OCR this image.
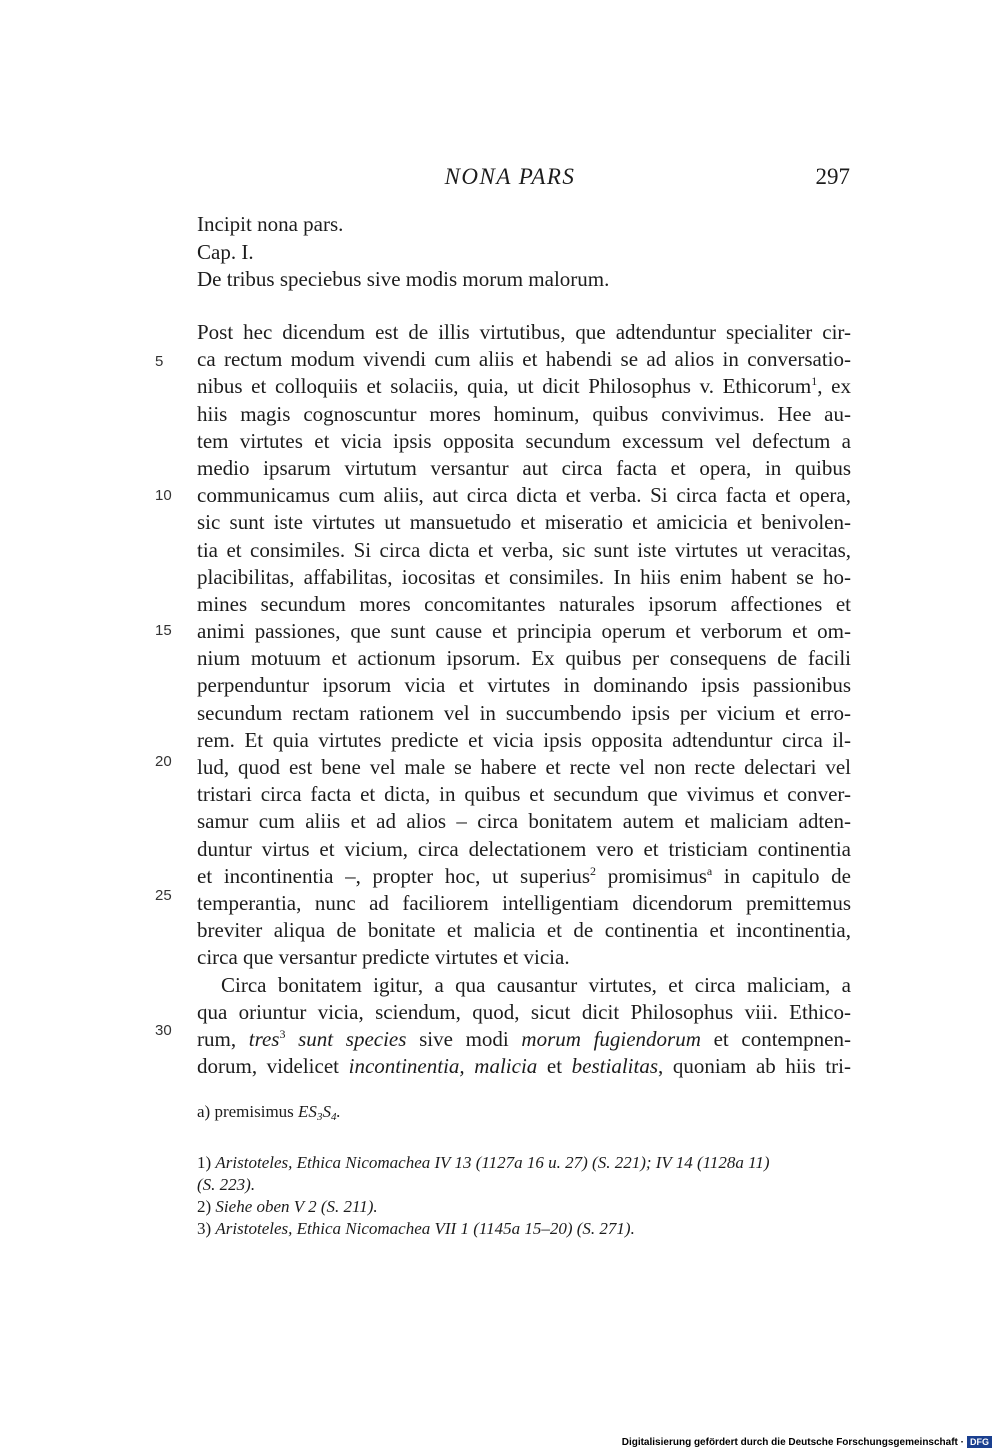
NONA PARS	297
Incipit nona pars.
Cap. I.
De tribus speciebus sive modis morum malorum.
5
10
15
20
25
30
Post hec dicendum est de illis virtutibus, que adtenduntur specialiter cir-
ca rectum modum vivendi cum aliis et habendi se ad alios in conversatio-
nibus et colloquiis et solaciis, quia, ut dicit Philosophus v. Ethicorum$^1$, ex
hiis magis cognoscuntur mores hominum, quibus convivimus. Hee au-
tem virtutes et vicia ipsis opposita secundum excessum vel defectum a
medio ipsarum virtutum versantur aut circa facta et opera, in quibus
communicamus cum aliis, aut circa dicta et verba. Si circa facta et opera,
sic sunt iste virtutes ut mansuetudo et miseratio et amicicia et benivolen-
tia et consimiles. Si circa dicta et verba, sic sunt iste virtutes ut veracitas,
placibilitas, affabilitas, iocositas et consimiles. In hiis enim habent se ho-
mines secundum mores concomitantes naturales ipsorum affectiones et
animi passiones, que sunt cause et principia operum et verborum et om-
nium motuum et actionum ipsorum. Ex quibus per consequens de facili
perpenduntur ipsorum vicia et virtutes in dominando ipsis passionibus
secundum rectam rationem vel in succumbendo ipsis per vicium et erro-
rem. Et quia virtutes predicte et vicia ipsis opposita adtenduntur circa il-
lud, quod est bene vel male se habere et recte vel non recte delectari vel
tristari circa facta et dicta, in quibus et secundum que vivimus et conver-
samur cum aliis et ad alios – circa bonitatem autem et maliciam adten-
duntur virtus et vicium, circa delectationem vero et tristiciam continentia
et incontinentia –, propter hoc, ut superius$^2$ promisimus$^a$ in capitulo de
temperantia, nunc ad faciliorem intelligentiam dicendorum premittemus
breviter aliqua de bonitate et malicia et de continentia et incontinentia,
circa que versantur predicte virtutes et vicia.
Circa bonitatem igitur, a qua causantur virtutes, et circa maliciam, a
qua oriuntur vicia, sciendum, quod, sicut dicit Philosophus viii. Ethico-
rum, tres$^3$ sunt species sive modi morum fugiendorum et contempnen-
dorum, videlicet incontinentia, malicia et bestialitas, quoniam ab hiis tri-
a) premisimus $ES_3S_4$.
1) Aristoteles, Ethica Nicomachea IV 13 (1127a 16 u. 27) (S. 221); IV 14 (1128a 11)
(S. 223).
2) Siehe oben V 2 (S. 211).
3) Aristoteles, Ethica Nicomachea VII 1 (1145a 15–20) (S. 271).
Digitalisierung gefördert durch die Deutsche Forschungsgemeinschaft · DFG
